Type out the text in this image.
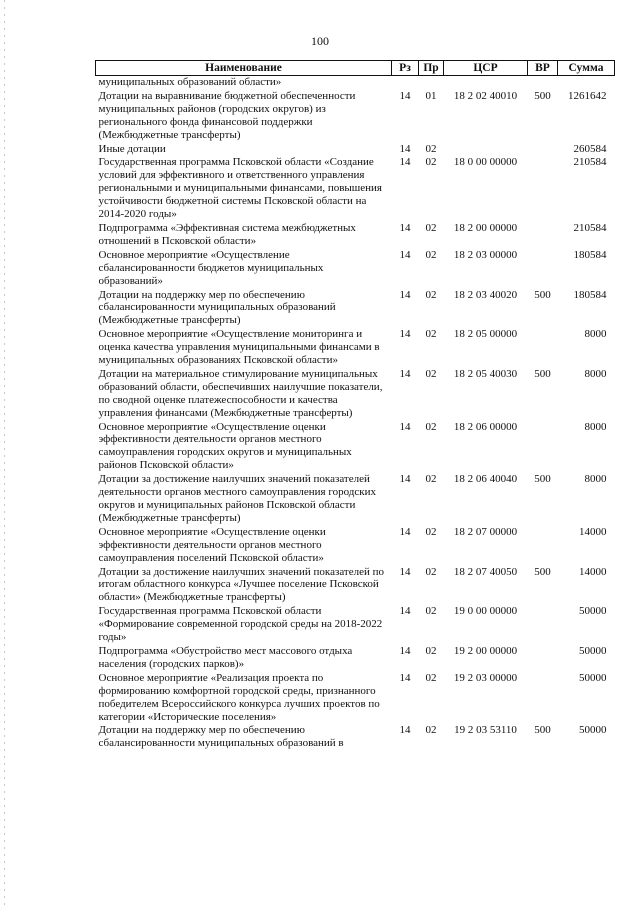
100
Наименование	Рз	Пр	ЦСР	ВР	Сумма
муниципальных образований области»					
Дотации на выравнивание бюджетной обеспеченности муниципальных районов (городских округов) из регионального фонда финансовой поддержки (Межбюджетные трансферты)	14	01	18 2 02 40010	500	1261642
Иные дотации	14	02			260584
Государственная программа Псковской области «Создание условий для эффективного и ответственного управления региональными и муниципальными финансами, повышения устойчивости бюджетной системы Псковской области на 2014-2020 годы»	14	02	18 0 00 00000		210584
Подпрограмма «Эффективная система межбюджетных отношений в Псковской области»	14	02	18 2 00 00000		210584
Основное мероприятие «Осуществление сбалансированности бюджетов муниципальных образований»	14	02	18 2 03 00000		180584
Дотации на поддержку мер по обеспечению сбалансированности муниципальных образований (Межбюджетные трансферты)	14	02	18 2 03 40020	500	180584
Основное мероприятие «Осуществление мониторинга и оценка качества управления муниципальными финансами в муниципальных образованиях Псковской области»	14	02	18 2 05 00000		8000
Дотации на материальное стимулирование муниципальных образований области, обеспечивших наилучшие показатели, по сводной оценке платежеспособности и качества управления финансами (Межбюджетные трансферты)	14	02	18 2 05 40030	500	8000
Основное мероприятие «Осуществление оценки эффективности деятельности органов местного самоуправления городских округов и муниципальных районов Псковской области»	14	02	18 2 06 00000		8000
Дотации за достижение наилучших значений показателей деятельности органов местного самоуправления городских округов и муниципальных районов Псковской области (Межбюджетные трансферты)	14	02	18 2 06 40040	500	8000
Основное мероприятие «Осуществление оценки эффективности деятельности органов местного самоуправления поселений Псковской области»	14	02	18 2 07 00000		14000
Дотации за достижение наилучших значений показателей по итогам областного конкурса «Лучшее поселение Псковской области» (Межбюджетные трансферты)	14	02	18 2 07 40050	500	14000
Государственная программа Псковской области «Формирование современной городской среды на 2018-2022 годы»	14	02	19 0 00 00000		50000
Подпрограмма «Обустройство мест массового отдыха населения (городских парков)»	14	02	19 2 00 00000		50000
Основное мероприятие «Реализация проекта по формированию комфортной городской среды, признанного победителем Всероссийского конкурса лучших проектов по категории «Исторические поселения»	14	02	19 2 03 00000		50000
Дотации на поддержку мер по обеспечению сбалансированности муниципальных образований в	14	02	19 2 03 53110	500	50000
